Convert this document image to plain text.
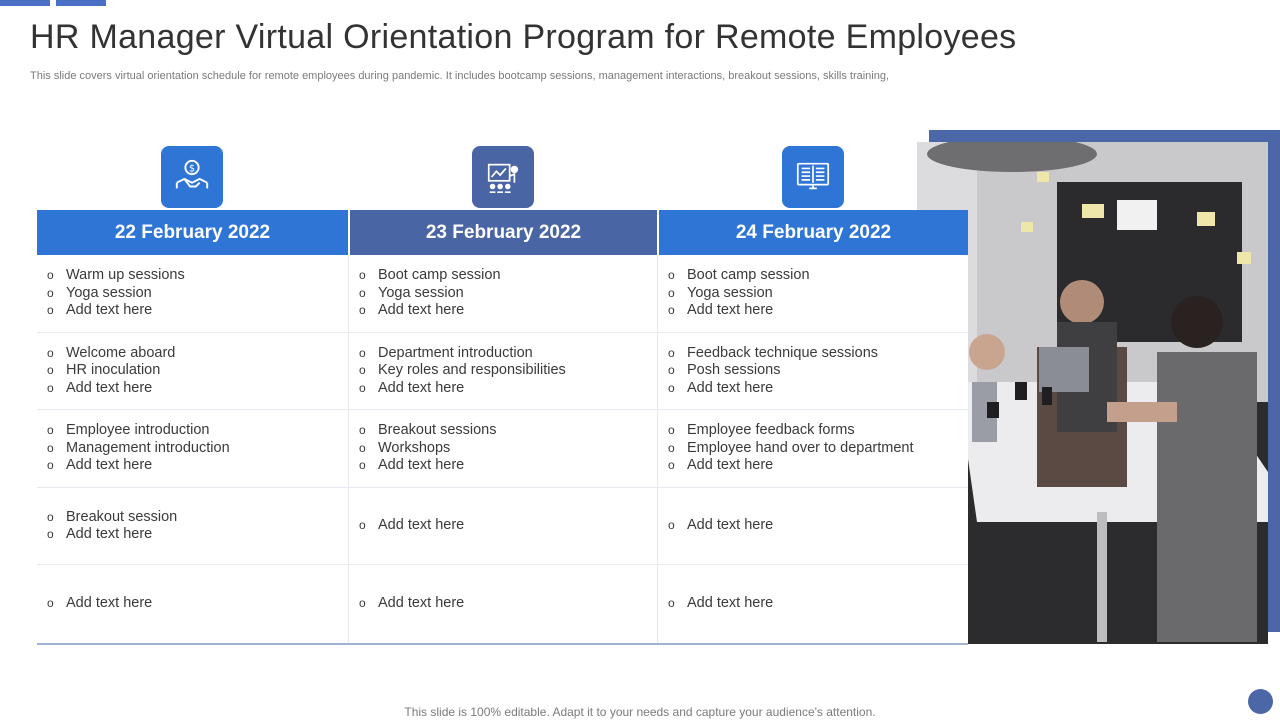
HR Manager Virtual Orientation Program for Remote Employees

This slide covers virtual orientation schedule for remote employees during pandemic. It includes bootcamp sessions, management interactions, breakout sessions, skills training,

$
22 February 2022	23 February 2022	24 February 2022
o Warm up sessions
o Yoga session
o Add text here
o Welcome aboard
o HR inoculation
o Add text here
o Employee introduction
o Management introduction
o Add text here
o Breakout session
o Add text here
o Add text here
o Boot camp session
o Yoga session
o Add text here
o Department introduction
o Key roles and responsibilities
o Add text here
o Breakout sessions
o Workshops
o Add text here
o Add text here
o Add text here
o Boot camp session
o Yoga session
o Add text here
o Feedback technique sessions
o Posh sessions
o Add text here
o Employee feedback forms
o Employee hand over to department
o Add text here
o Add text here
o Add text here

This slide is 100% editable. Adapt it to your needs and capture your audience's attention.
